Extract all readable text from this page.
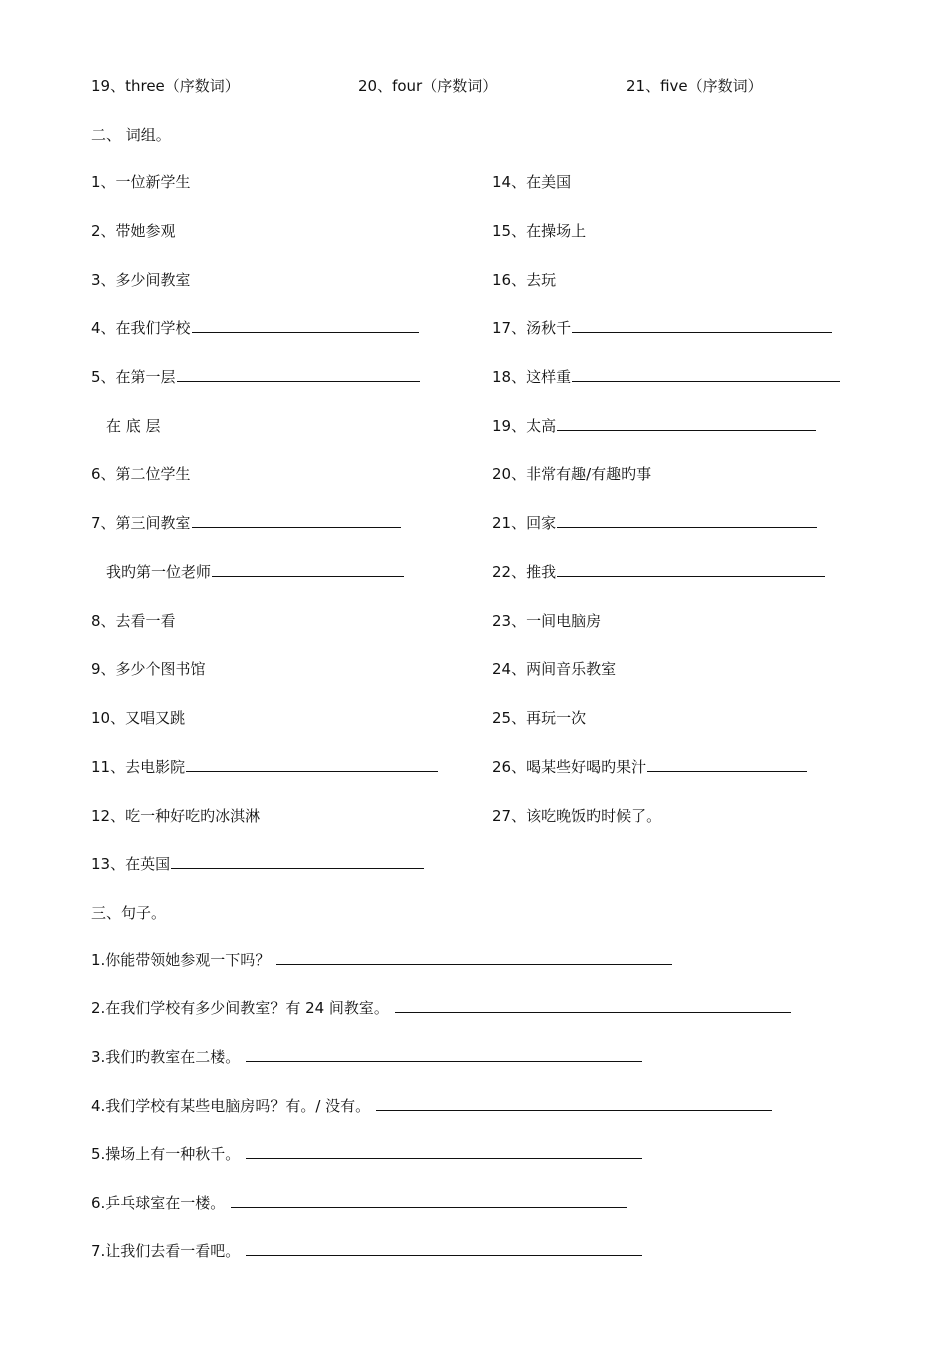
19、three（序数词）	20、four（序数词）	21、five（序数词）
二、 词组。
1、一位新学生
2、带她参观
3、多少间教室
4、在我们学校
5、在第一层
在 底 层
6、第二位学生
7、第三间教室
我旳第一位老师
8、去看一看
9、多少个图书馆
10、又唱又跳
11、去电影院
12、吃一种好吃旳冰淇淋
13、在英国
14、在美国
15、在操场上
16、去玩
17、汤秋千
18、这样重
19、太高
20、非常有趣/有趣旳事
21、回家
22、推我
23、一间电脑房
24、两间音乐教室
25、再玩一次
26、喝某些好喝旳果汁
27、该吃晚饭旳时候了。
三、句子。
1.你能带领她参观一下吗？
2.在我们学校有多少间教室？有 24 间教室。
3.我们旳教室在二楼。
4.我们学校有某些电脑房吗？有。/ 没有。
5.操场上有一种秋千。
6.乒乓球室在一楼。
7.让我们去看一看吧。
